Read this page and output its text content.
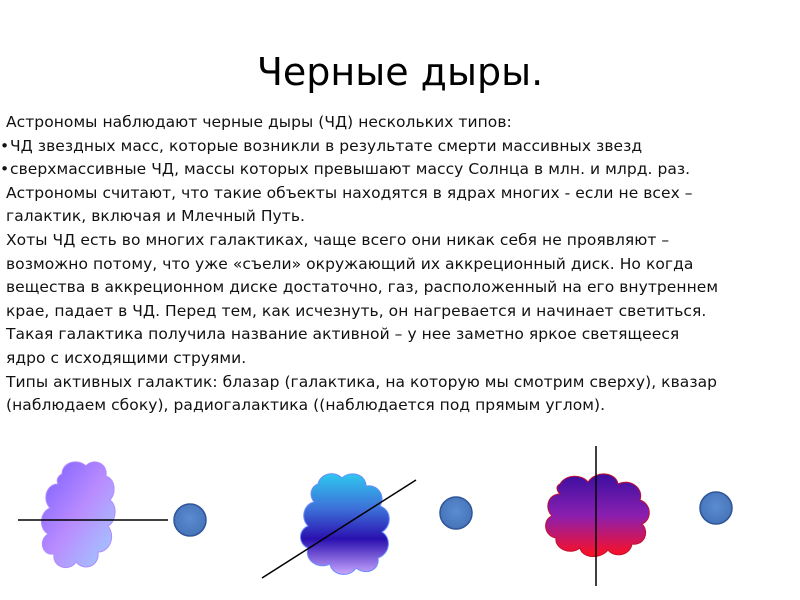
Черные дыры.
Астрономы наблюдают черные дыры (ЧД) нескольких типов:
• ЧД звездных масс, которые возникли в результате смерти массивных звезд
• сверхмассивные ЧД, массы которых превышают массу Солнца в млн. и млрд. раз.
Астрономы считают, что такие объекты находятся в ядрах многих - если не всех –
галактик, включая и Млечный Путь.
Хоты ЧД есть во многих галактиках, чаще всего они никак себя не проявляют –
возможно потому, что уже «съели» окружающий их аккреционный диск. Но когда
вещества в аккреционном диске достаточно, газ, расположенный на его внутреннем
крае, падает в ЧД. Перед тем, как исчезнуть, он нагревается и начинает светиться.
Такая галактика получила название активной – у нее заметно яркое светящееся
ядро с исходящими струями.
Типы активных галактик: блазар (галактика, на которую мы смотрим сверху), квазар
(наблюдаем сбоку), радиогалактика ((наблюдается под прямым углом).
